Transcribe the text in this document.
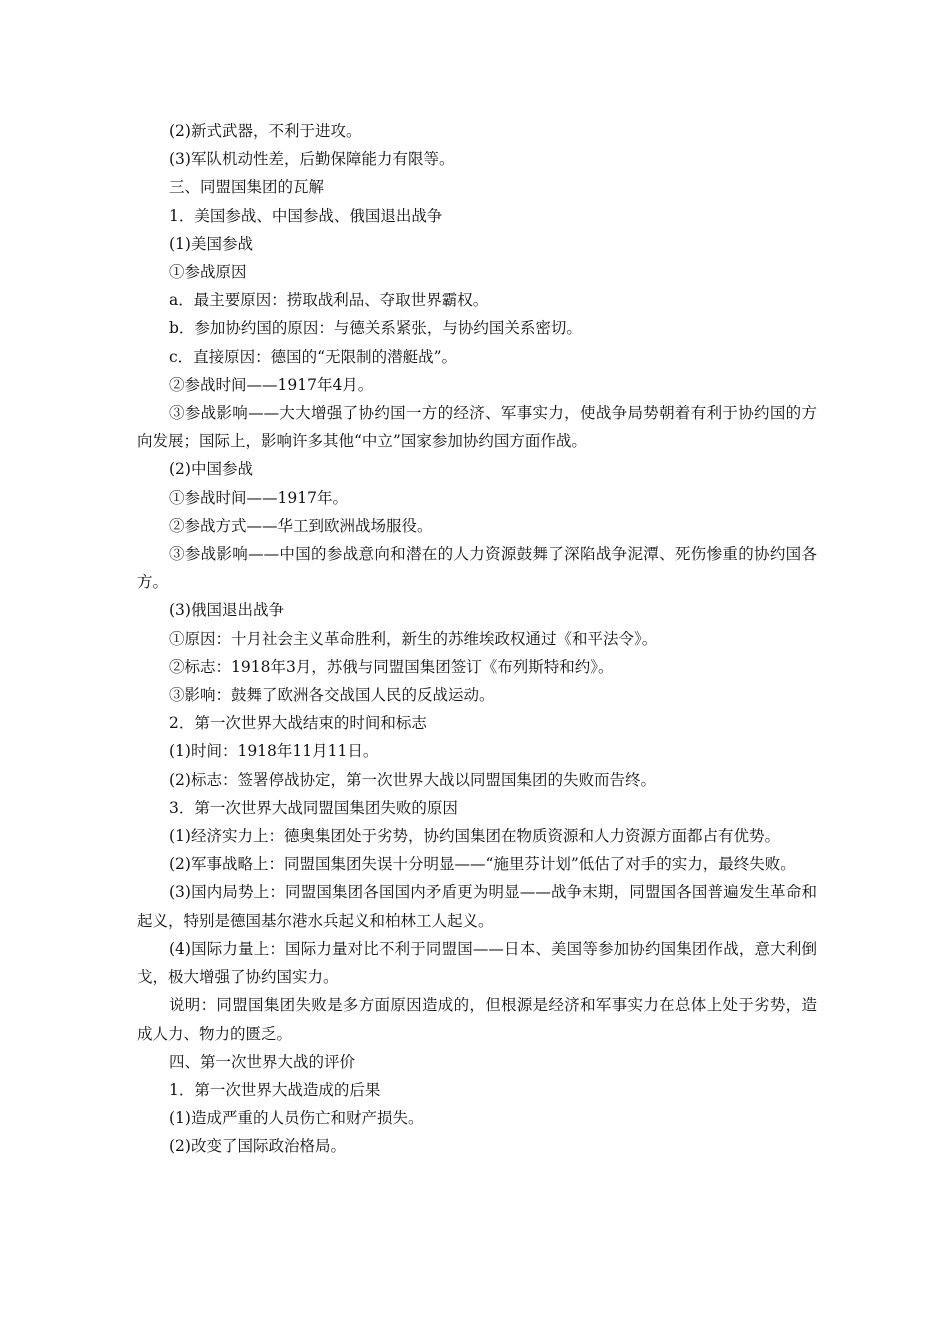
(2)新式武器，不利于进攻。

(3)军队机动性差，后勤保障能力有限等。

三、同盟国集团的瓦解

1．美国参战、中国参战、俄国退出战争

(1)美国参战

①参战原因

a．最主要原因：捞取战利品、夺取世界霸权。

b．参加协约国的原因：与德关系紧张，与协约国关系密切。

c．直接原因：德国的“无限制的潜艇战”。

②参战时间——1917年4月。

③参战影响——大大增强了协约国一方的经济、军事实力，使战争局势朝着有利于协约国的方向发展；国际上，影响许多其他“中立”国家参加协约国方面作战。

(2)中国参战

①参战时间——1917年。

②参战方式——华工到欧洲战场服役。

③参战影响——中国的参战意向和潜在的人力资源鼓舞了深陷战争泥潭、死伤惨重的协约国各方。

(3)俄国退出战争

①原因：十月社会主义革命胜利，新生的苏维埃政权通过《和平法令》。

②标志：1918年3月，苏俄与同盟国集团签订《布列斯特和约》。

③影响：鼓舞了欧洲各交战国人民的反战运动。

2．第一次世界大战结束的时间和标志

(1)时间：1918年11月11日。

(2)标志：签署停战协定，第一次世界大战以同盟国集团的失败而告终。

3．第一次世界大战同盟国集团失败的原因

(1)经济实力上：德奥集团处于劣势，协约国集团在物质资源和人力资源方面都占有优势。

(2)军事战略上：同盟国集团失误十分明显——“施里芬计划”低估了对手的实力，最终失败。

(3)国内局势上：同盟国集团各国国内矛盾更为明显——战争末期，同盟国各国普遍发生革命和起义，特别是德国基尔港水兵起义和柏林工人起义。

(4)国际力量上：国际力量对比不利于同盟国——日本、美国等参加协约国集团作战，意大利倒戈，极大增强了协约国实力。

说明：同盟国集团失败是多方面原因造成的，但根源是经济和军事实力在总体上处于劣势，造成人力、物力的匮乏。

四、第一次世界大战的评价

1．第一次世界大战造成的后果

(1)造成严重的人员伤亡和财产损失。

(2)改变了国际政治格局。
